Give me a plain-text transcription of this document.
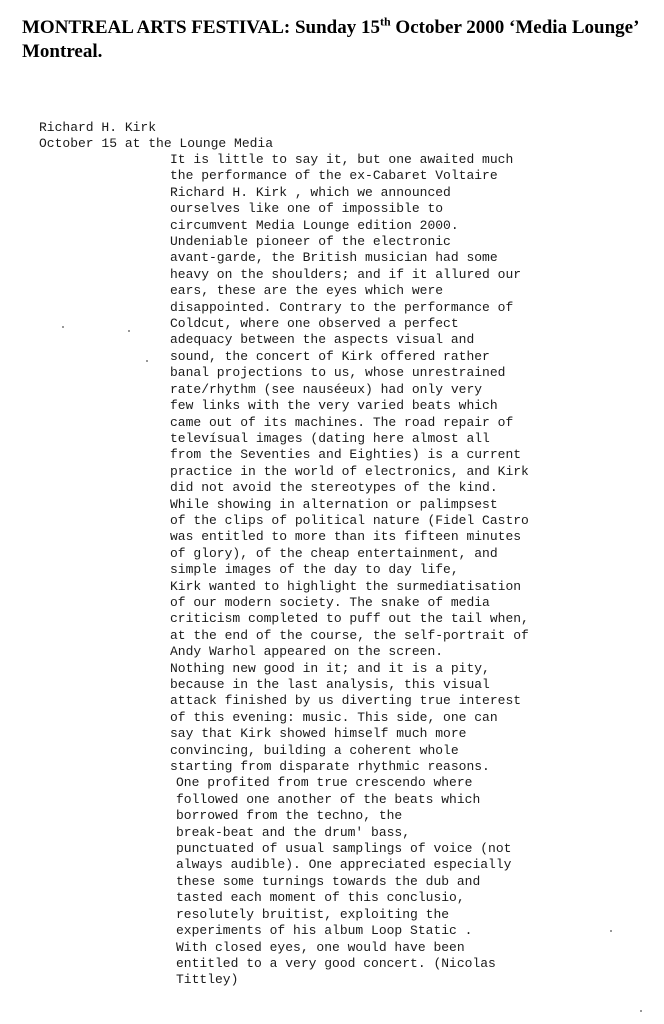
MONTREAL ARTS FESTIVAL: Sunday 15th October 2000 ‘Media Lounge’ Montreal.
Richard H. Kirk
October 15 at the Lounge Media
It is little to say it, but one awaited much
the performance of the ex-Cabaret Voltaire
Richard H. Kirk , which we announced
ourselves like one of impossible to
circumvent Media Lounge edition 2000.
Undeniable pioneer of the electronic
avant-garde, the British musician had some
heavy on the shoulders; and if it allured our
ears, these are the eyes which were
disappointed. Contrary to the performance of
Coldcut, where one observed a perfect
adequacy between the aspects visual and
sound, the concert of Kirk offered rather
banal projections to us, whose unrestrained
rate/rhythm (see nauséeux) had only very
few links with the very varied beats which
came out of its machines. The road repair of
televísual images (dating here almost all
from the Seventies and Eighties) is a current
practice in the world of electronics, and Kirk
did not avoid the stereotypes of the kind.
While showing in alternation or palimpsest
of the clips of political nature (Fidel Castro
was entitled to more than its fifteen minutes
of glory), of the cheap entertainment, and
simple images of the day to day life,
Kirk wanted to highlight the surmediatisation
of our modern society. The snake of media
criticism completed to puff out the tail when,
at the end of the course, the self-portrait of
Andy Warhol appeared on the screen.
Nothing new good in it; and it is a pity,
because in the last analysis, this visual
attack finished by us diverting true interest
of this evening: music. This side, one can
say that Kirk showed himself much more
convincing, building a coherent whole
starting from disparate rhythmic reasons.
One profited from true crescendo where
followed one another of the beats which
borrowed from the techno, the
break-beat and the drum' bass,
punctuated of usual samplings of voice (not
always audible). One appreciated especially
these some turnings towards the dub and
tasted each moment of this conclusio,
resolutely bruitist, exploiting the
experiments of his album Loop Static .
With closed eyes, one would have been
entitled to a very good concert. (Nicolas
Tittley)
